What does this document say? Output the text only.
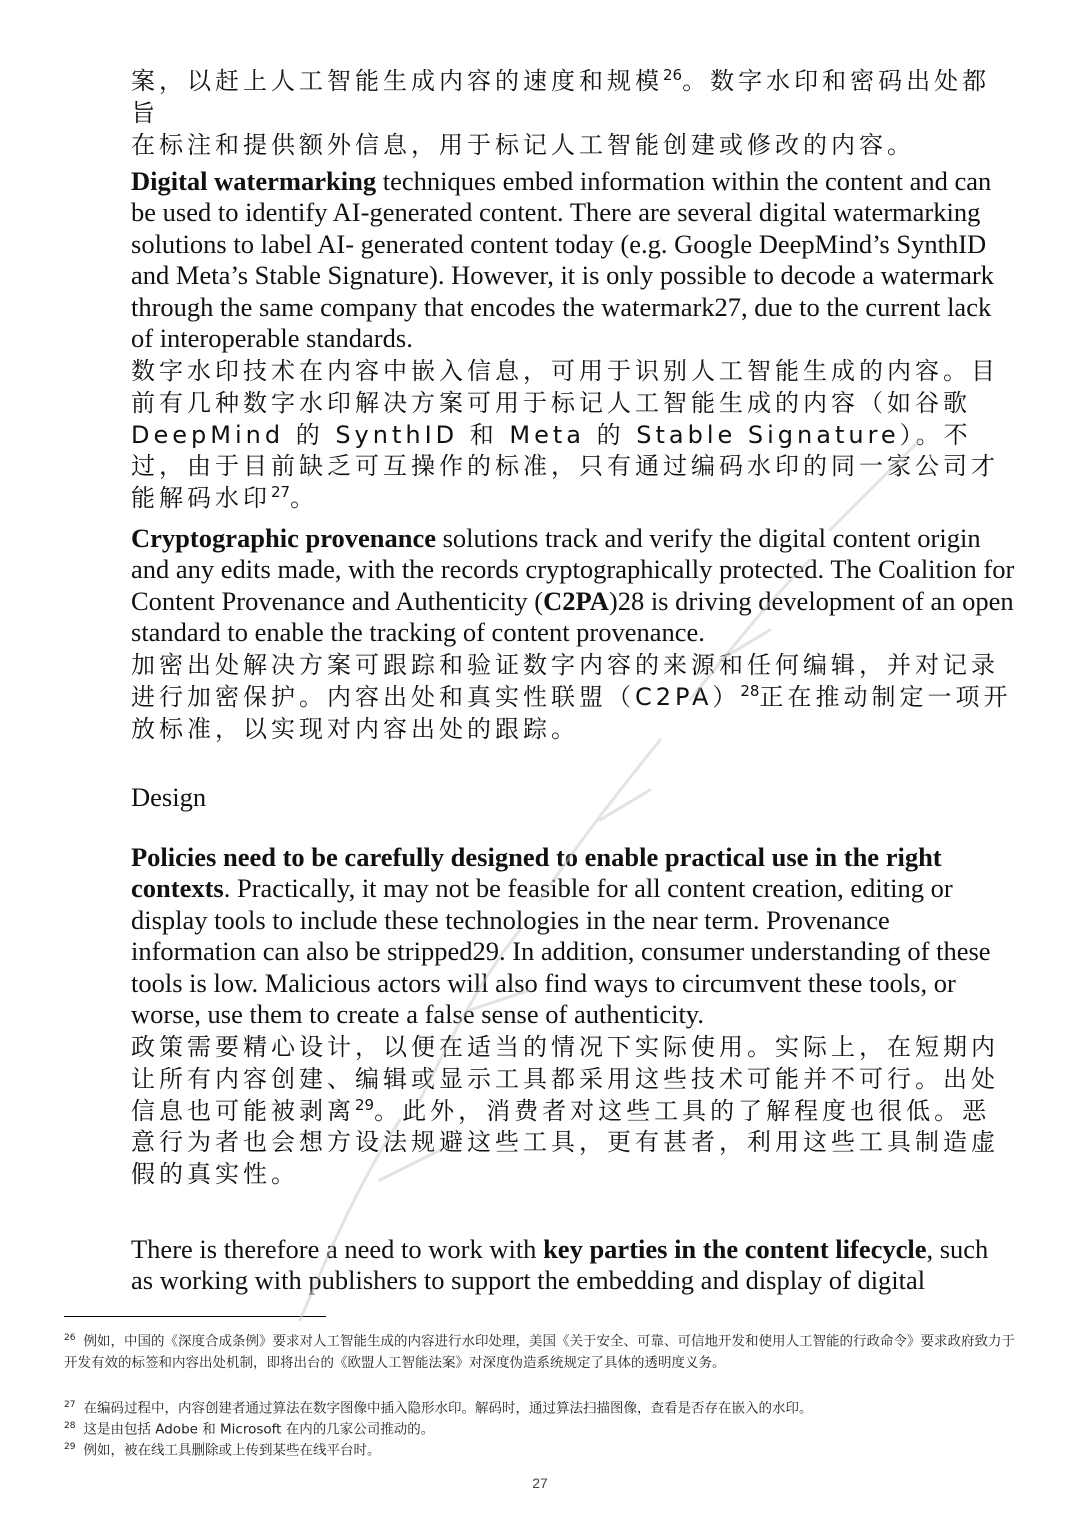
案，以赶上人工智能生成内容的速度和规模$^{26}$。数字水印和密码出处都旨
在标注和提供额外信息，用于标记人工智能创建或修改的内容。

Digital watermarking techniques embed information within the content and can be used to identify AI-generated content. There are several digital watermarking solutions to label AI- generated content today (e.g. Google DeepMind’s SynthID and Meta’s Stable Signature). However, it is only possible to decode a watermark through the same company that encodes the watermark27, due to the current lack of interoperable standards.

数字水印技术在内容中嵌入信息，可用于识别人工智能生成的内容。目前有几种数字水印解决方案可用于标记人工智能生成的内容（如谷歌 DeepMind 的 SynthID 和 Meta 的 Stable Signature）。不过，由于目前缺乏可互操作的标准，只有通过编码水印的同一家公司才能解码水印$^{27}$。

Cryptographic provenance solutions track and verify the digital content origin and any edits made, with the records cryptographically protected. The Coalition for Content Provenance and Authenticity (C2PA)28 is driving development of an open standard to enable the tracking of content provenance.

加密出处解决方案可跟踪和验证数字内容的来源和任何编辑，并对记录进行加密保护。内容出处和真实性联盟$(C2PA)^{28}$正在推动制定一项开放标准，以实现对内容出处的跟踪。

Design

Policies need to be carefully designed to enable practical use in the right contexts. Practically, it may not be feasible for all content creation, editing or display tools to include these technologies in the near term. Provenance information can also be stripped29. In addition, consumer understanding of these tools is low. Malicious actors will also find ways to circumvent these tools, or worse, use them to create a false sense of authenticity.

政策需要精心设计，以便在适当的情况下实际使用。实际上，在短期内让所有内容创建、编辑或显示工具都采用这些技术可能并不可行。出处信息也可能被剥离$^{29}$。此外，消费者对这些工具的了解程度也很低。恶意行为者也会想方设法规避这些工具，更有甚者，利用这些工具制造虚假的真实性。

There is therefore a need to work with key parties in the content lifecycle, such as working with publishers to support the embedding and display of digital

$^{26}$ 例如，中国的《深度合成条例》要求对人工智能生成的内容进行水印处理，美国《关于安全、可靠、可信地开发和使用人工智能的行政命令》要求政府致力于开发有效的标签和内容出处机制，即将出台的《欧盟人工智能法案》对深度伪造系统规定了具体的透明度义务。
$^{27}$ 在编码过程中，内容创建者通过算法在数字图像中插入隐形水印。解码时，通过算法扫描图像，查看是否存在嵌入的水印。
$^{28}$ 这是由包括 Adobe 和 Microsoft 在内的几家公司推动的。
$^{29}$ 例如，被在线工具删除或上传到某些在线平台时。
27
